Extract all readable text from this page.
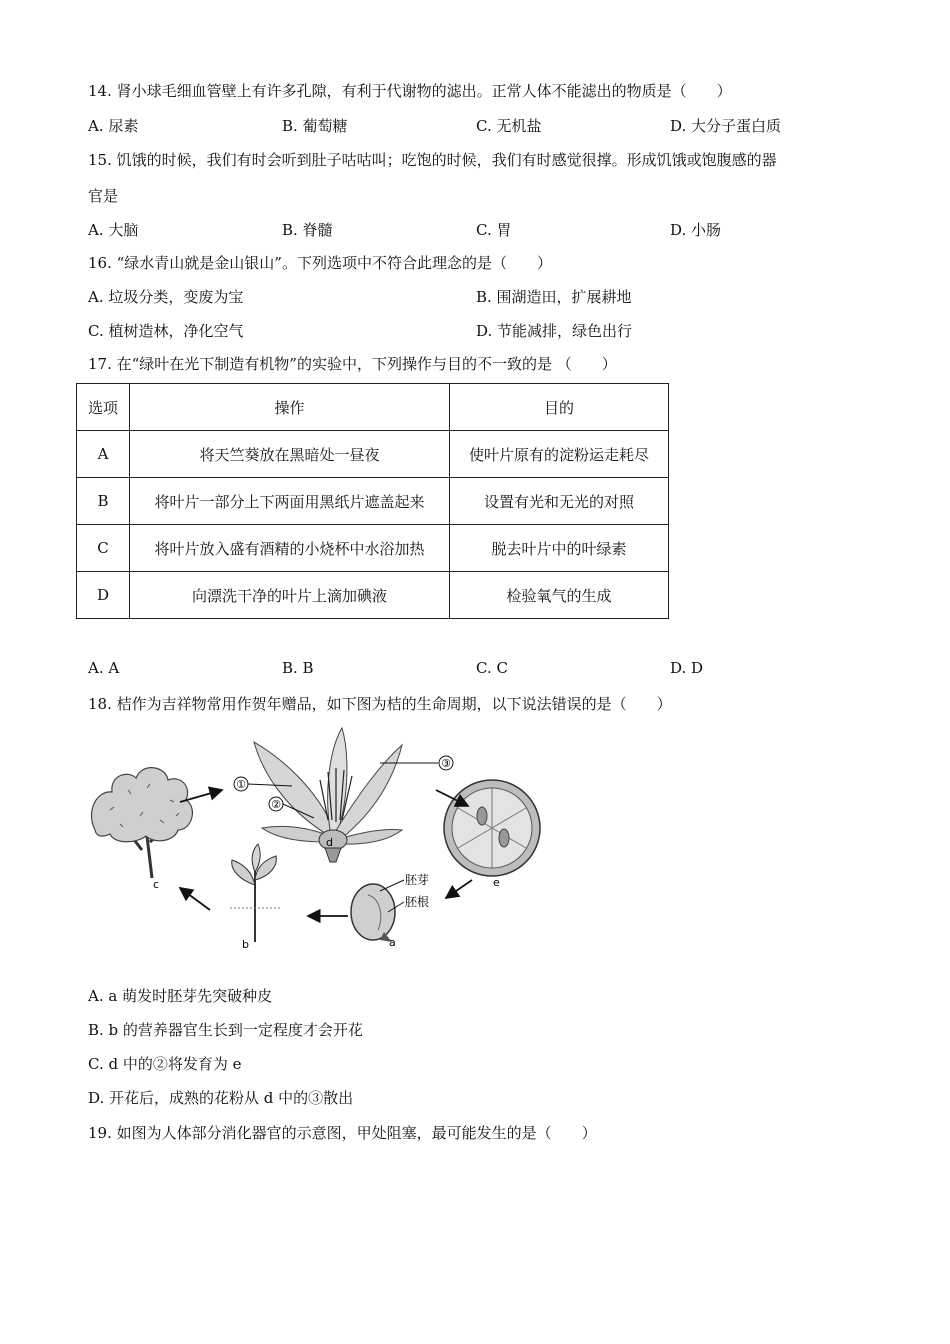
14. 肾小球毛细血管壁上有许多孔隙，有利于代谢物的滤出。正常人体不能滤出的物质是（　　）
A. 尿素	B. 葡萄糖	C. 无机盐	D. 大分子蛋白质
15. 饥饿的时候，我们有时会听到肚子咕咕叫；吃饱的时候，我们有时感觉很撑。形成饥饿或饱腹感的器
官是
A. 大脑	B. 脊髓	C. 胃	D. 小肠
16. “绿水青山就是金山银山”。下列选项中不符合此理念的是（　　）
A. 垃圾分类，变废为宝	B. 围湖造田，扩展耕地
C. 植树造林，净化空气	D. 节能减排，绿色出行
17. 在“绿叶在光下制造有机物”的实验中，下列操作与目的不一致的是 （　　）
选项	操作	目的
A	将天竺葵放在黑暗处一昼夜	使叶片原有的淀粉运走耗尽
B	将叶片一部分上下两面用黑纸片遮盖起来	设置有光和无光的对照
C	将叶片放入盛有酒精的小烧杯中水浴加热	脱去叶片中的叶绿素
D	向漂洗干净的叶片上滴加碘液	检验氧气的生成
A. A	B. B	C. C	D. D
18. 桔作为吉祥物常用作贺年赠品，如下图为桔的生命周期，以下说法错误的是（　　）
c
①
②
③
d
e
胚芽
胚根
a
b
A. a 萌发时胚芽先突破种皮
B. b 的营养器官生长到一定程度才会开花
C. d 中的②将发育为 e
D. 开花后，成熟的花粉从 d 中的③散出
19. 如图为人体部分消化器官的示意图，甲处阻塞，最可能发生的是（　　）
